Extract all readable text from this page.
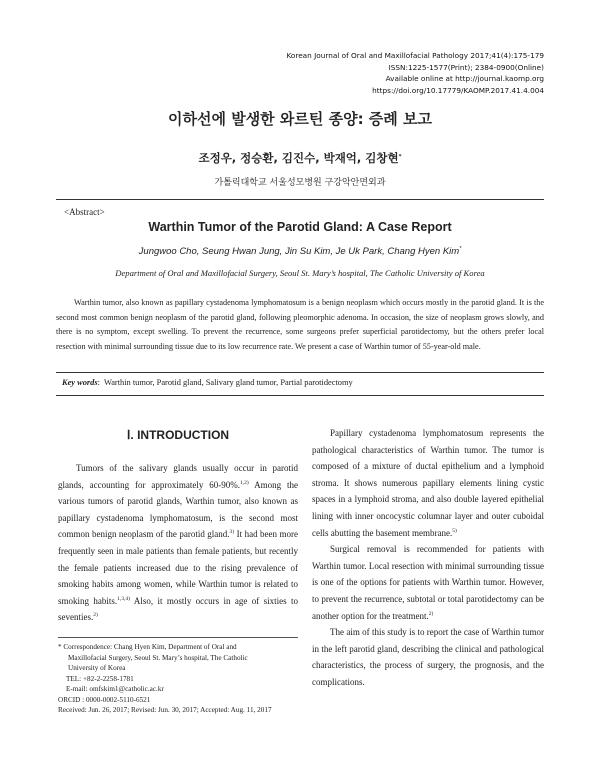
Korean Journal of Oral and Maxillofacial Pathology 2017;41(4):175-179
ISSN:1225-1577(Print); 2384-0900(Online)
Available online at http://journal.kaomp.org
https://doi.org/10.17779/KAOMP.2017.41.4.004
이하선에 발생한 와르틴 종양: 증례 보고
조정우, 정승환, 김진수, 박재억, 김창현*
가톨릭대학교 서울성모병원 구강악안면외과
<Abstract>
Warthin Tumor of the Parotid Gland: A Case Report
Jungwoo Cho, Seung Hwan Jung, Jin Su Kim, Je Uk Park, Chang Hyen Kim*
Department of Oral and Maxillofacial Surgery, Seoul St. Mary’s hospital, The Catholic University of Korea

Warthin tumor, also known as papillary cystadenoma lymphomatosum is a benign neoplasm which occurs mostly in the parotid gland. It is the second most common benign neoplasm of the parotid gland, following pleomorphic adenoma. In occasion, the size of neoplasm grows slowly, and there is no symptom, except swelling. To prevent the recurrence, some surgeons prefer superficial parotidectomy, but the others prefer local resection with minimal surrounding tissue due to its low recurrence rate. We present a case of Warthin tumor of 55-year-old male.

Key words: Warthin tumor, Parotid gland, Salivary gland tumor, Partial parotidectomy
Ⅰ. INTRODUCTION

Tumors of the salivary glands usually occur in parotid glands, accounting for approximately 60-90%.$^{1,2)}$ Among the various tumors of parotid glands, Warthin tumor, also known as papillary cystadenoma lymphomatosum, is the second most common benign neoplasm of the parotid gland.$^{3)}$ It had been more frequently seen in male patients than female patients, but recently the female patients increased due to the rising prevalence of smoking habits among women, while Warthin tumor is related to smoking habits.$^{1,3,4)}$ Also, it mostly occurs in age of sixties to seventies.$^{2)}$

Papillary cystadenoma lymphomatosum represents the pathological characteristics of Warthin tumor. The tumor is composed of a mixture of ductal epithelium and a lymphoid stroma. It shows numerous papillary elements lining cystic spaces in a lymphoid stroma, and also double layered epithelial lining with inner oncocystic columnar layer and outer cuboidal cells abutting the basement membrane.$^{5)}$

Surgical removal is recommended for patients with Warthin tumor. Local resection with minimal surrounding tissue is one of the options for patients with Warthin tumor. However, to prevent the recurrence, subtotal or total parotidectomy can be another option for the treatment.$^{2)}$

The aim of this study is to report the case of Warthin tumor in the left parotid gland, describing the clinical and pathological characteristics, the process of surgery, the prognosis, and the complications.

* Correspondence: Chang Hyen Kim, Department of Oral and
Maxillofacial Surgery, Seoul St. Mary’s hospital, The Catholic
University of Korea
TEL: +82-2-2258-1781
E-mail: omfskim1@catholic.ac.kr
ORCID : 0000-0002-5110-6521
Received: Jun. 26, 2017; Revised: Jun. 30, 2017; Accepted: Aug. 11, 2017
